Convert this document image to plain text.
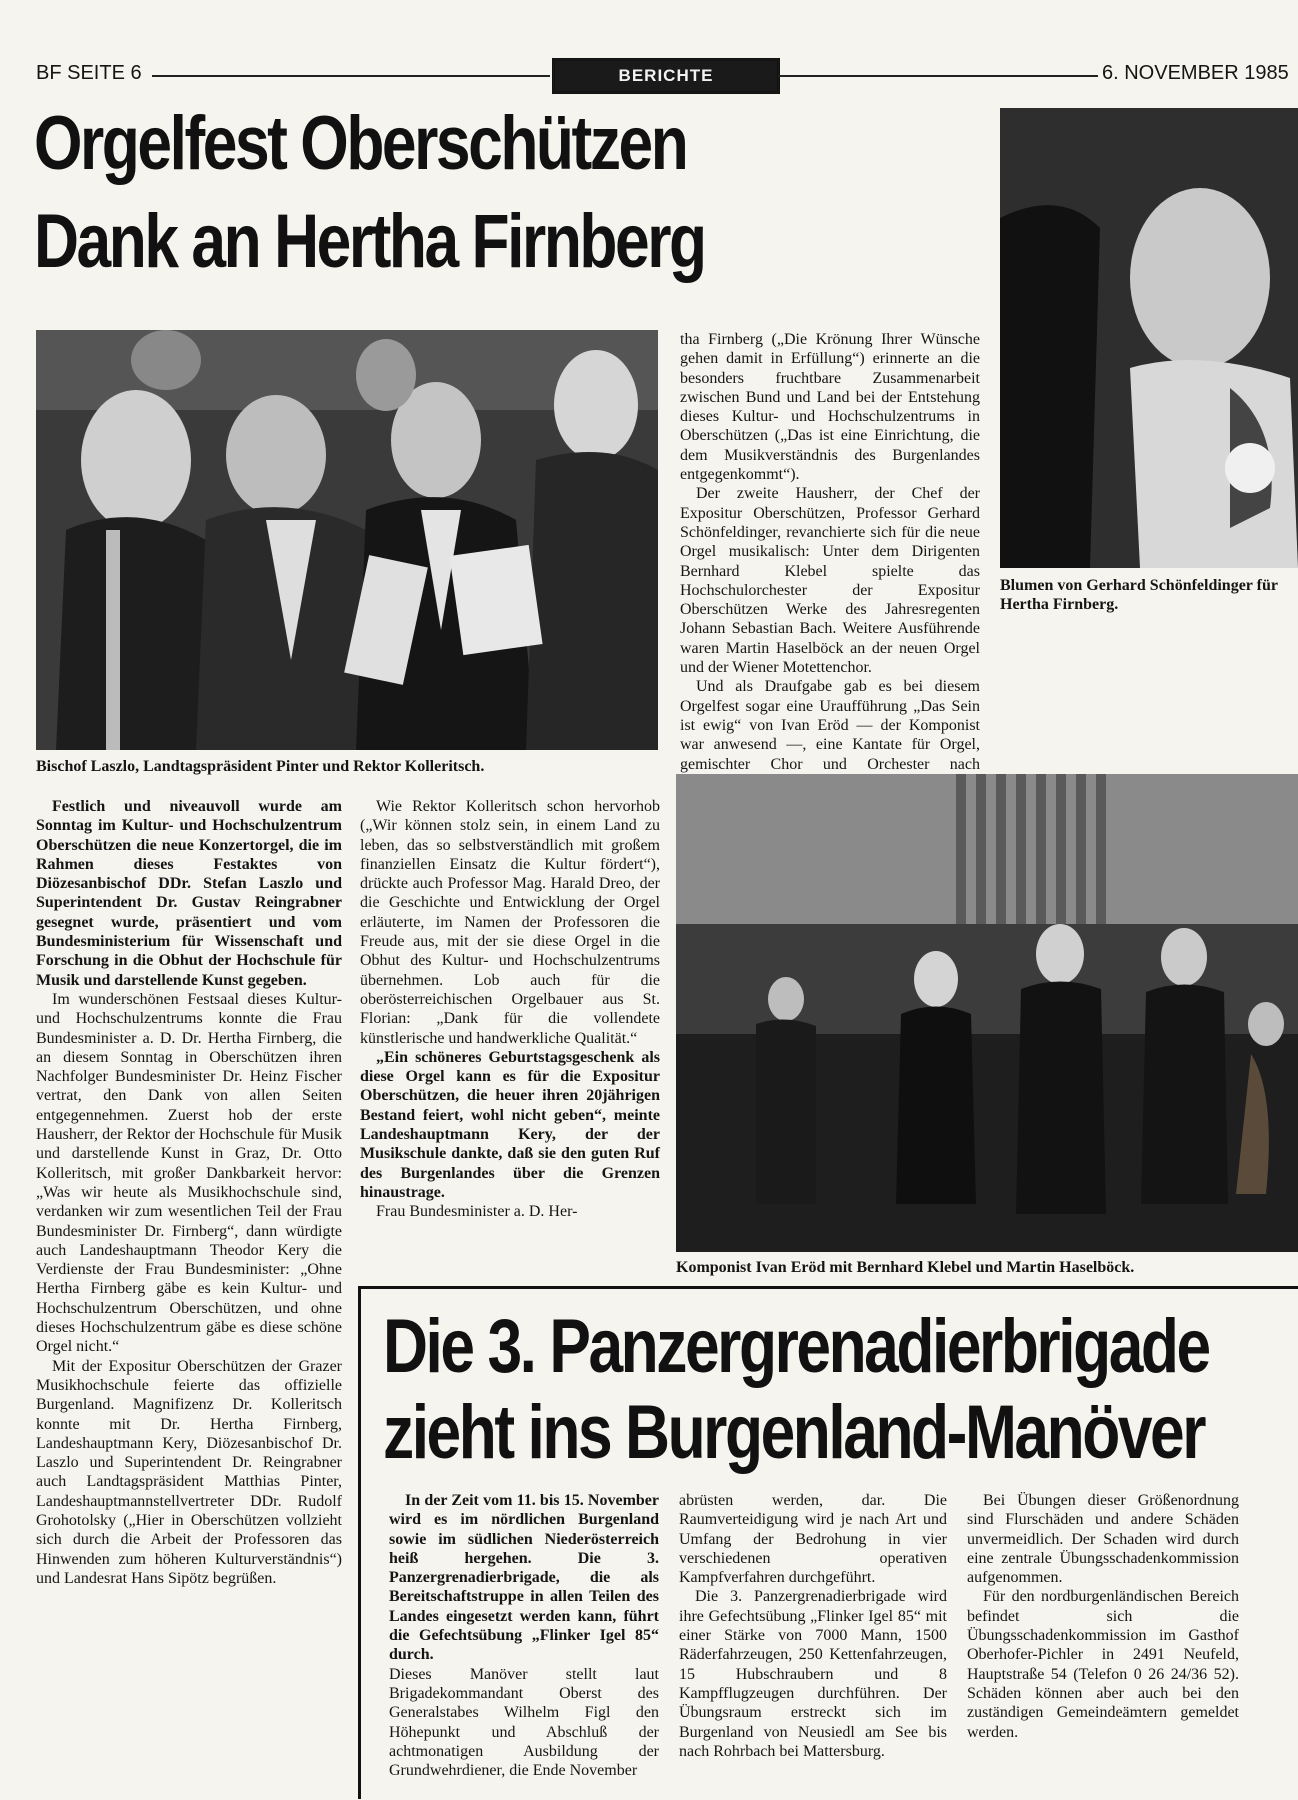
BF SEITE 6	BERICHTE	6. NOVEMBER 1985
Orgelfest Oberschützen
Dank an Hertha Firnberg
Bischof Laszlo, Landtagspräsident Pinter und Rektor Kolleritsch.

tha Firnberg („Die Krönung Ihrer Wünsche gehen damit in Erfüllung“) erinnerte an die besonders fruchtbare Zusammenarbeit zwischen Bund und Land bei der Entstehung dieses Kultur- und Hochschulzentrums in Oberschützen („Das ist eine Einrichtung, die dem Musikverständnis des Burgenlandes entgegenkommt“).

Der zweite Hausherr, der Chef der Expositur Oberschützen, Professor Gerhard Schönfeldinger, revanchierte sich für die neue Orgel musikalisch: Unter dem Dirigenten Bernhard Klebel spielte das Hochschulorchester der Expositur Oberschützen Werke des Jahresregenten Johann Sebastian Bach. Weitere Ausführende waren Martin Haselböck an der neuen Orgel und der Wiener Motettenchor.

Und als Draufgabe gab es bei diesem Orgelfest sogar eine Uraufführung „Das Sein ist ewig“ von Ivan Eröd — der Komponist war anwesend —, eine Kantate für Orgel, gemischter Chor und Orchester nach

Blumen von Gerhard Schönfeldinger für Hertha Firnberg.

Festlich und niveauvoll wurde am Sonntag im Kultur- und Hochschulzentrum Oberschützen die neue Konzertorgel, die im Rahmen dieses Festaktes von Diözesanbischof DDr. Stefan Laszlo und Superintendent Dr. Gustav Reingrabner gesegnet wurde, präsentiert und vom Bundesministerium für Wissenschaft und Forschung in die Obhut der Hochschule für Musik und darstellende Kunst gegeben.

Im wunderschönen Festsaal dieses Kultur- und Hochschulzentrums konnte die Frau Bundesminister a. D. Dr. Hertha Firnberg, die an diesem Sonntag in Oberschützen ihren Nachfolger Bundesminister Dr. Heinz Fischer vertrat, den Dank von allen Seiten entgegennehmen. Zuerst hob der erste Hausherr, der Rektor der Hochschule für Musik und darstellende Kunst in Graz, Dr. Otto Kolleritsch, mit großer Dankbarkeit hervor: „Was wir heute als Musikhochschule sind, verdanken wir zum wesentlichen Teil der Frau Bundesminister Dr. Firnberg“, dann würdigte auch Landeshauptmann Theodor Kery die Verdienste der Frau Bundesminister: „Ohne Hertha Firnberg gäbe es kein Kultur- und Hochschulzentrum Oberschützen, und ohne dieses Hochschulzentrum gäbe es diese schöne Orgel nicht.“

Mit der Expositur Oberschützen der Grazer Musikhochschule feierte das offizielle Burgenland. Magnifizenz Dr. Kolleritsch konnte mit Dr. Hertha Firnberg, Landeshauptmann Kery, Diözesanbischof Dr. Laszlo und Superintendent Dr. Reingrabner auch Landtagspräsident Matthias Pinter, Landeshauptmannstellvertreter DDr. Rudolf Grohotolsky („Hier in Oberschützen vollzieht sich durch die Arbeit der Professoren das Hinwenden zum höheren Kulturverständnis“) und Landesrat Hans Sipötz begrüßen.

Wie Rektor Kolleritsch schon hervorhob („Wir können stolz sein, in einem Land zu leben, das so selbstverständlich mit großem finanziellen Einsatz die Kultur fördert“), drückte auch Professor Mag. Harald Dreo, der die Geschichte und Entwicklung der Orgel erläuterte, im Namen der Professoren die Freude aus, mit der sie diese Orgel in die Obhut des Kultur- und Hochschulzentrums übernehmen. Lob auch für die oberösterreichischen Orgelbauer aus St. Florian: „Dank für die vollendete künstlerische und handwerkliche Qualität.“

„Ein schöneres Geburtstagsgeschenk als diese Orgel kann es für die Expositur Oberschützen, die heuer ihren 20jährigen Bestand feiert, wohl nicht geben“, meinte Landeshauptmann Kery, der der Musikschule dankte, daß sie den guten Ruf des Burgenlandes über die Grenzen hinaustrage.

Frau Bundesminister a. D. Her-

Komponist Ivan Eröd mit Bernhard Klebel und Martin Haselböck.
Die 3. Panzergrenadierbrigade
zieht ins Burgenland-Manöver

In der Zeit vom 11. bis 15. November wird es im nördlichen Burgenland sowie im südlichen Niederösterreich heiß hergehen. Die 3. Panzergrenadierbrigade, die als Bereitschaftstruppe in allen Teilen des Landes eingesetzt werden kann, führt die Gefechtsübung „Flinker Igel 85“ durch.

Dieses Manöver stellt laut Brigadekommandant Oberst des Generalstabes Wilhelm Figl den Höhepunkt und Abschluß der achtmonatigen Ausbildung der Grundwehrdiener, die Ende November

abrüsten werden, dar. Die Raumverteidigung wird je nach Art und Umfang der Bedrohung in vier verschiedenen operativen Kampfverfahren durchgeführt.

Die 3. Panzergrenadierbrigade wird ihre Gefechtsübung „Flinker Igel 85“ mit einer Stärke von 7000 Mann, 1500 Räderfahrzeugen, 250 Kettenfahrzeugen, 15 Hubschraubern und 8 Kampfflugzeugen durchführen. Der Übungsraum erstreckt sich im Burgenland von Neusiedl am See bis nach Rohrbach bei Mattersburg.

Bei Übungen dieser Größenordnung sind Flurschäden und andere Schäden unvermeidlich. Der Schaden wird durch eine zentrale Übungsschadenkommission aufgenommen.

Für den nordburgenländischen Bereich befindet sich die Übungsschadenkommission im Gasthof Oberhofer-Pichler in 2491 Neufeld, Hauptstraße 54 (Telefon 0 26 24/36 52). Schäden können aber auch bei den zuständigen Gemeindeämtern gemeldet werden.
